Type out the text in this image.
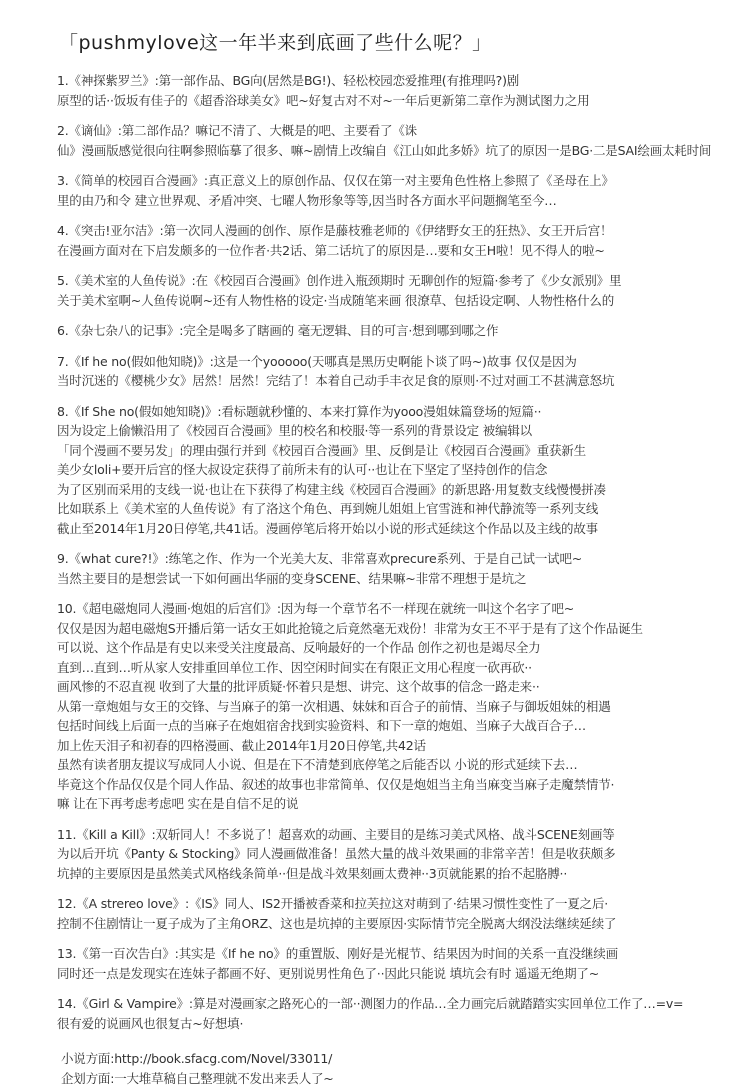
「pushmylove这一年半来到底画了些什么呢？」
1.《神探紫罗兰》:第一部作品、BG向(居然是BG!)、轻松校园恋爱推理(有推理吗?)剧
原型的话··饭坂有佳子的《超香浴球美女》吧~好复古对不对~一年后更新第二章作为测试图力之用
2.《谪仙》:第二部作品？嘛记不清了、大概是的吧、主要看了《诛
仙》漫画版感觉很向往啊参照临摹了很多、嘛~剧情上改编自《江山如此多娇》坑了的原因一是BG·二是SAI绘画太耗时间
3.《简单的校园百合漫画》:真正意义上的原创作品、仅仅在第一对主要角色性格上参照了《圣母在上》
里的由乃和令 建立世界观、矛盾冲突、七曜人物形象等等,因当时各方面水平问题搁笔至今…
4.《突击!亚尔洁》:第一次同人漫画的创作、原作是藤枝雅老师的《伊绪野女王的狂热》、女王开后宫！
在漫画方面对在下启发颇多的一位作者·共2话、第二话坑了的原因是…要和女王H啦！见不得人的啦~
5.《美术室的人鱼传说》:在《校园百合漫画》创作进入瓶颈期时 无聊创作的短篇·参考了《少女派别》里
关于美术室啊~人鱼传说啊~还有人物性格的设定·当成随笔来画 很潦草、包括设定啊、人物性格什么的
6.《杂七杂八的记事》:完全是喝多了瞎画的 毫无逻辑、目的可言·想到哪到哪之作
7.《If he no(假如他知晓)》:这是一个yooooo(天哪真是黑历史啊能卜谈了吗~)故事 仅仅是因为
当时沉迷的《樱桃少女》居然！居然！完结了！本着自己动手丰衣足食的原则·不过对画工不甚满意怒坑
8.《If She no(假如她知晓)》:看标题就秒懂的、本来打算作为yooo漫姐妹篇登场的短篇··
因为设定上偷懒沿用了《校园百合漫画》里的校名和校服·等一系列的背景设定 被编辑以
「同个漫画不要另发」的理由强行并到《校园百合漫画》里、反倒是让《校园百合漫画》重获新生
美少女loli+要开后宫的怪大叔设定获得了前所未有的认可··也让在下坚定了坚持创作的信念
为了区别而采用的支线一说·也让在下获得了构建主线《校园百合漫画》的新思路·用复数支线慢慢拼凑
比如联系上《美术室的人鱼传说》有了洛这个角色、再到婉儿姐姐上官雪涟和神代静流等一系列支线
截止至2014年1月20日停笔,共41话。漫画停笔后将开始以小说的形式延续这个作品以及主线的故事
9.《what cure?!》:练笔之作、作为一个光美大友、非常喜欢precure系列、于是自己试一试吧~
当然主要目的是想尝试一下如何画出华丽的变身SCENE、结果嘛~非常不理想于是坑之
10.《超电磁炮同人漫画·炮姐的后宫们》:因为每一个章节名不一样现在就统一叫这个名字了吧~
仅仅是因为超电磁炮S开播后第一话女王如此抢镜之后竟然毫无戏份！非常为女王不平于是有了这个作品诞生
可以说、这个作品是有史以来受关注度最高、反响最好的一个作品 创作之初也是竭尽全力
直到…直到…听从家人安排重回单位工作、因空闲时间实在有限正文用心程度一砍再砍··
画风惨的不忍直视 收到了大量的批评质疑·怀着只是想、讲完、这个故事的信念一路走来··
从第一章炮姐与女王的交锋、与当麻子的第一次相遇、妹妹和百合子的前情、当麻子与御坂姐妹的相遇
包括时间线上后面一点的当麻子在炮姐宿舍找到实验资料、和下一章的炮姐、当麻子大战百合子…
加上佐天泪子和初春的四格漫画、截止2014年1月20日停笔,共42话
虽然有读者朋友提议写成同人小说、但是在下不清楚到底停笔之后能否以 小说的形式延续下去…
毕竟这个作品仅仅是个同人作品、叙述的故事也非常简单、仅仅是炮姐当主角当麻变当麻子走魔禁情节·
嘛 让在下再考虑考虑吧 实在是自信不足的说
11.《Kill a Kill》:双斩同人！不多说了！超喜欢的动画、主要目的是练习美式风格、战斗SCENE刻画等
为以后开坑《Panty & Stocking》同人漫画做准备！虽然大量的战斗效果画的非常辛苦！但是收获颇多
坑掉的主要原因是虽然美式风格线条简单··但是战斗效果刻画太费神··3页就能累的抬不起胳膊··
12.《A strereo love》:《IS》同人、IS2开播被香菜和拉芙拉这对萌到了·结果习惯性变性了一夏之后·
控制不住剧情让一夏子成为了主角ORZ、这也是坑掉的主要原因·实际情节完全脱离大纲没法继续延续了
13.《第一百次告白》:其实是《If he no》的重置版、刚好是光棍节、结果因为时间的关系一直没继续画
同时还一点是发现实在连妹子都画不好、更别说男性角色了··因此只能说 填坑会有时 遥遥无绝期了~
14.《Girl & Vampire》:算是对漫画家之路死心的一部··测图力的作品…全力画完后就踏踏实实回单位工作了…=v=
很有爱的说画风也很复古~好想填·
小说方面:http://book.sfacg.com/Novel/33011/
企划方面:一大堆草稿自己整理就不发出来丢人了~
